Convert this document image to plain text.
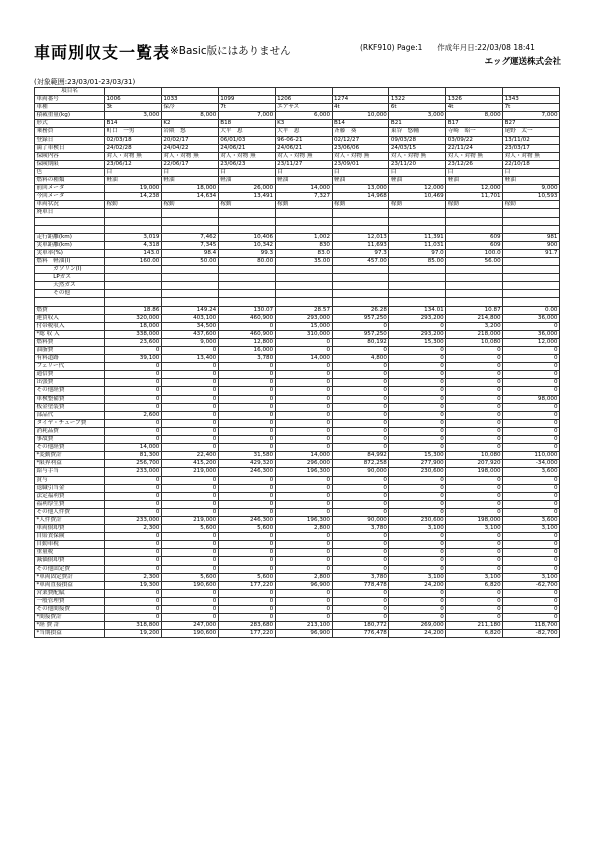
車両別収支一覧表 ※Basic版にはありません	(RKF910) Page:1 作成年月日:22/03/08 18:41
エッグ運送株式会社
(対象範囲:23/03/01-23/03/31)
項目名								
車両番号	1006	1033	1099	1206	1274	1322	1326	1343
車種	3t	保冷	7t	エアサス	4t	6t	4t	7t
積載重量(kg)	3,000	8,000	7,000	6,000	10,000	3,000	8,000	7,000
形式	B14	K2	B18	K3	B14	B21	B17	B27
乗務員	町口　一男	岩隈　悠	大平　恵	大平　恵	斉藤　葵	東谷　悠輔	寺崎　昭一	尾野　太一
登録日	02/03/18	20/02/17	06/01/03	96-06-21	02/12/27	09/03/28	03/09/22	13/11/02
満了車検日	24/02/28	24/04/22	24/06/21	24/06/21	23/06/06	24/03/15	22/11/24	23/03/17
保険内容	対人・対物 無	対人・対物 無	対人・対物 無	対人・対物 無	対人・対物 無	対人・対物 無	対人・対物 無	対人・対物 無
保険期限	23/06/12	22/06/17	23/06/23	23/11/27	23/09/01	23/11/20	23/12/26	22/10/18
色	白	白	白	白	白	白	白	白
燃料の種類	軽油	軽油	軽油	軽油	軽油	軽油	軽油	軽油
前回メータ	19,000	18,000	26,000	14,000	13,000	12,000	12,000	9,000
今回メータ	14,238	14,634	13,491	7,327	14,968	10,469	11,701	10,593
車両状況	稼動	稼動	稼動	稼動	稼動	稼動	稼動	稼動
廃車日								

走行距離(km)	3,019	7,462	10,406	1,002	12,013	11,391	609	981
実車距離(km)	4,318	7,345	10,342	830	11,693	11,031	609	900
実車率(%)	143.0	98.4	99.3	83.0	97.3	97.0	100.0	91.7
燃料　軽油(l)	160.00	50.00	80.00	35.00	457.00	85.00	56.00	
　　　ガソリン(l)								
　　　LPガス								
　　　天然ガス								
　　　その他								

燃費	18.86	149.24	130.07	28.57	26.28	134.01	10.87	0.00
運賃収入	320,000	403,100	460,900	293,000	957,250	293,200	214,800	36,000
付帯税収入	18,000	34,500	0	15,000	0	0	3,200	0
*総 収 入	338,000	437,600	460,900	310,000	957,250	293,200	218,000	36,000
燃料費	23,600	9,000	12,800	0	80,192	15,300	10,080	12,000
油脂費	0	0	16,000	0	0	0	0	0
有料道路	39,100	13,400	3,780	14,000	4,800	0	0	0
フェリー代	0	0	0	0	0	0	0	0
通信費	0	0	0	0	0	0	0	0
出張費	0	0	0	0	0	0	0	0
その他経費	0	0	0	0	0	0	0	0
車検整備費	0	0	0	0	0	0	0	98,000
板金塗装費	0	0	0	0	0	0	0	0
部品代	2,600	0	0	0	0	0	0	0
タイヤ・チューブ費	0	0	0	0	0	0	0	0
消耗品費	0	0	0	0	0	0	0	0
事故費	0	0	0	0	0	0	0	0
その他経費	14,000	0	0	0	0	0	0	0
*変動費計	81,300	22,400	31,580	14,000	84,992	15,300	10,080	110,000
*限界利益	256,700	415,200	429,320	296,000	872,258	277,900	207,920	-34,000
給与手当	233,000	219,000	246,300	196,300	90,000	230,600	198,000	3,600
賞与	0	0	0	0	0	0	0	0
退職引当金	0	0	0	0	0	0	0	0
法定福利費	0	0	0	0	0	0	0	0
福利厚生費	0	0	0	0	0	0	0	0
その他人件費	0	0	0	0	0	0	0	0
*人件費計	233,000	219,000	246,300	196,300	90,000	230,600	198,000	3,600
車両償却費	2,300	5,600	5,600	2,800	3,780	3,100	3,100	3,100
自賠責保険	0	0	0	0	0	0	0	0
自動車税	0	0	0	0	0	0	0	0
重量税	0	0	0	0	0	0	0	0
減価償却費	0	0	0	0	0	0	0	0
その他固定費	0	0	0	0	0	0	0	0
*車両固定費計	2,300	5,600	5,600	2,800	3,780	3,100	3,100	3,100
*車両直接損益	19,300	190,600	177,220	96,900	778,478	24,200	6,820	-62,700
営業費配賦	0	0	0	0	0	0	0	0
一般管理費	0	0	0	0	0	0	0	0
その他間接費	0	0	0	0	0	0	0	0
*間接費計	0	0	0	0	0	0	0	0
*経 費 計	318,800	247,000	283,680	213,100	180,772	269,000	211,180	118,700
*当期損益	19,200	190,600	177,220	96,900	776,478	24,200	6,820	-82,700
